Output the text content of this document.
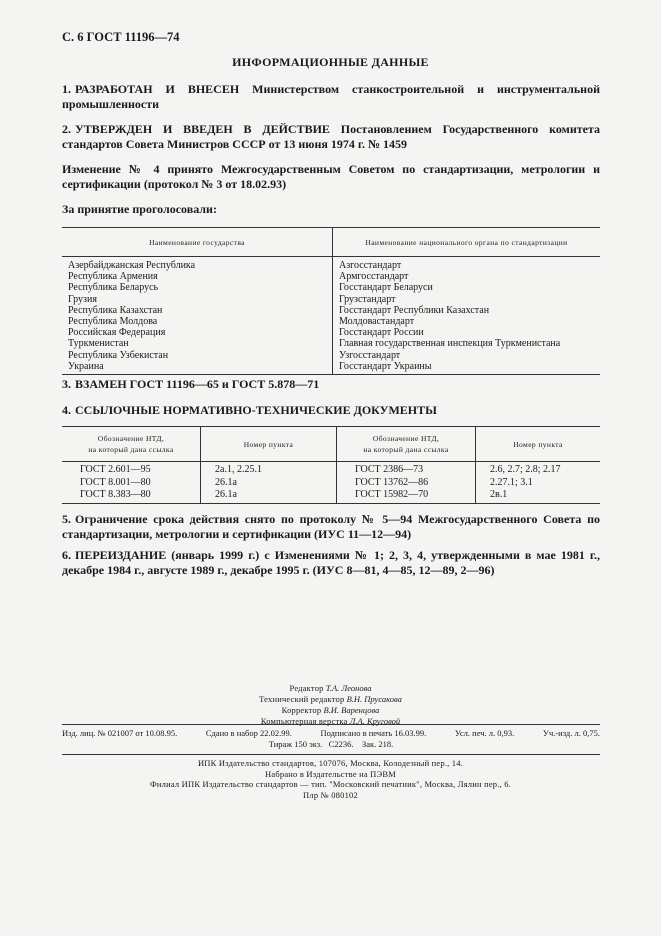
С. 6 ГОСТ 11196—74
ИНФОРМАЦИОННЫЕ ДАННЫЕ
1. РАЗРАБОТАН И ВНЕСЕН Министерством станкостроительной и инструментальной промышленности
2. УТВЕРЖДЕН И ВВЕДЕН В ДЕЙСТВИЕ Постановлением Государственного комитета стандартов Совета Министров СССР от 13 июня 1974 г. № 1459
Изменение № 4 принято Межгосударственным Советом по стандартизации, метрологии и сертификации (протокол № 3 от 18.02.93)
За принятие проголосовали:
Наименование государства	Наименование национального органа по стандартизации
Азербайджанская Республика	Азгосстандарт
Республика Армения	Армгосстандарт
Республика Беларусь	Госстандарт Беларуси
Грузия	Грузстандарт
Республика Казахстан	Госстандарт Республики Казахстан
Республика Молдова	Молдовастандарт
Российская Федерация	Госстандарт России
Туркменистан	Главная государственная инспекция Туркменистана
Республика Узбекистан	Узгосстандарт
Украина	Госстандарт Украины
3. ВЗАМЕН ГОСТ 11196—65 и ГОСТ 5.878—71
4. ССЫЛОЧНЫЕ НОРМАТИВНО-ТЕХНИЧЕСКИЕ ДОКУМЕНТЫ
Обозначение НТД,
на который дана ссылка	Номер пункта	Обозначение НТД,
на который дана ссылка	Номер пункта
ГОСТ 2.601—95	2а.1, 2.25.1	ГОСТ 2386—73	2.6, 2.7; 2.8; 2.17
ГОСТ 8.001—80	26.1а	ГОСТ 13762—86	2.27.1; 3.1
ГОСТ 8.383—80	26.1а	ГОСТ 15982—70	2в.1
5. Ограничение срока действия снято по протоколу № 5—94 Межгосударственного Совета по стандартизации, метрологии и сертификации (ИУС 11—12—94)
6. ПЕРЕИЗДАНИЕ (январь 1999 г.) с Изменениями № 1; 2, 3, 4, утвержденными в мае 1981 г., декабре 1984 г., августе 1989 г., декабре 1995 г. (ИУС 8—81, 4—85, 12—89, 2—96)
Редактор Т.А. Леонова
Технический редактор В.Н. Прусакова
Корректор В.И. Варенцова
Компьютерная верстка Л.А. Круговой
Изд. лиц. № 021007 от 10.08.95.	Сдано в набор 22.02.99.	Подписано в печать 16.03.99.	Усл. печ. л. 0,93.	Уч.-изд. л. 0,75.
Тираж 150 экз. С2236. Зак. 218.
ИПК Издательство стандартов, 107076, Москва, Колодезный пер., 14.
Набрано в Издательстве на ПЭВМ
Филиал ИПК Издательство стандартов — тип. "Московский печатник", Москва, Лялин пер., 6.
Плр № 080102
